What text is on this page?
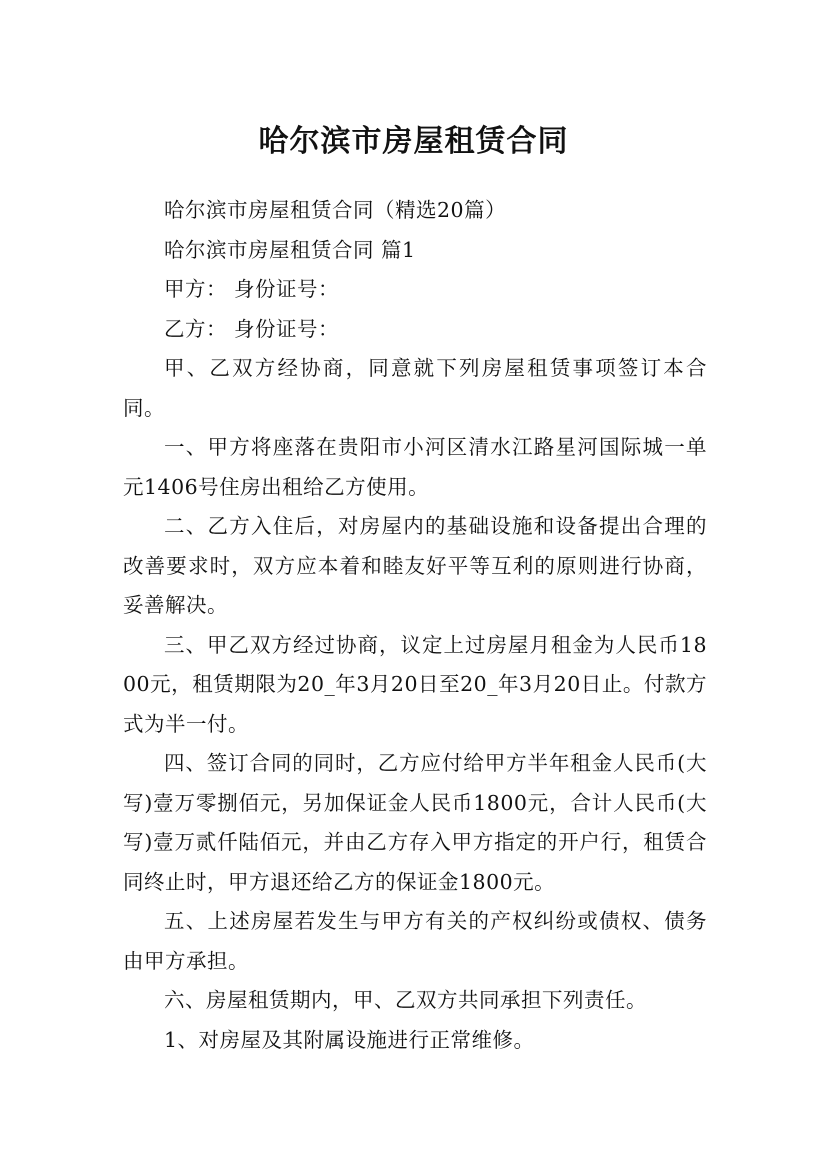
哈尔滨市房屋租赁合同

哈尔滨市房屋租赁合同（精选20篇）

哈尔滨市房屋租赁合同 篇1

甲方： 身份证号：

乙方： 身份证号：

甲、乙双方经协商，同意就下列房屋租赁事项签订本合同。

一、甲方将座落在贵阳市小河区清水江路星河国际城一单元1406号住房出租给乙方使用。

二、乙方入住后，对房屋内的基础设施和设备提出合理的改善要求时，双方应本着和睦友好平等互利的原则进行协商，妥善解决。

三、甲乙双方经过协商，议定上过房屋月租金为人民币1800元，租赁期限为20_年3月20日至20_年3月20日止。付款方式为半一付。

四、签订合同的同时，乙方应付给甲方半年租金人民币(大写)壹万零捌佰元，另加保证金人民币1800元，合计人民币(大写)壹万贰仟陆佰元，并由乙方存入甲方指定的开户行，租赁合同终止时，甲方退还给乙方的保证金1800元。

五、上述房屋若发生与甲方有关的产权纠纷或债权、债务由甲方承担。

六、房屋租赁期内，甲、乙双方共同承担下列责任。

1、对房屋及其附属设施进行正常维修。
